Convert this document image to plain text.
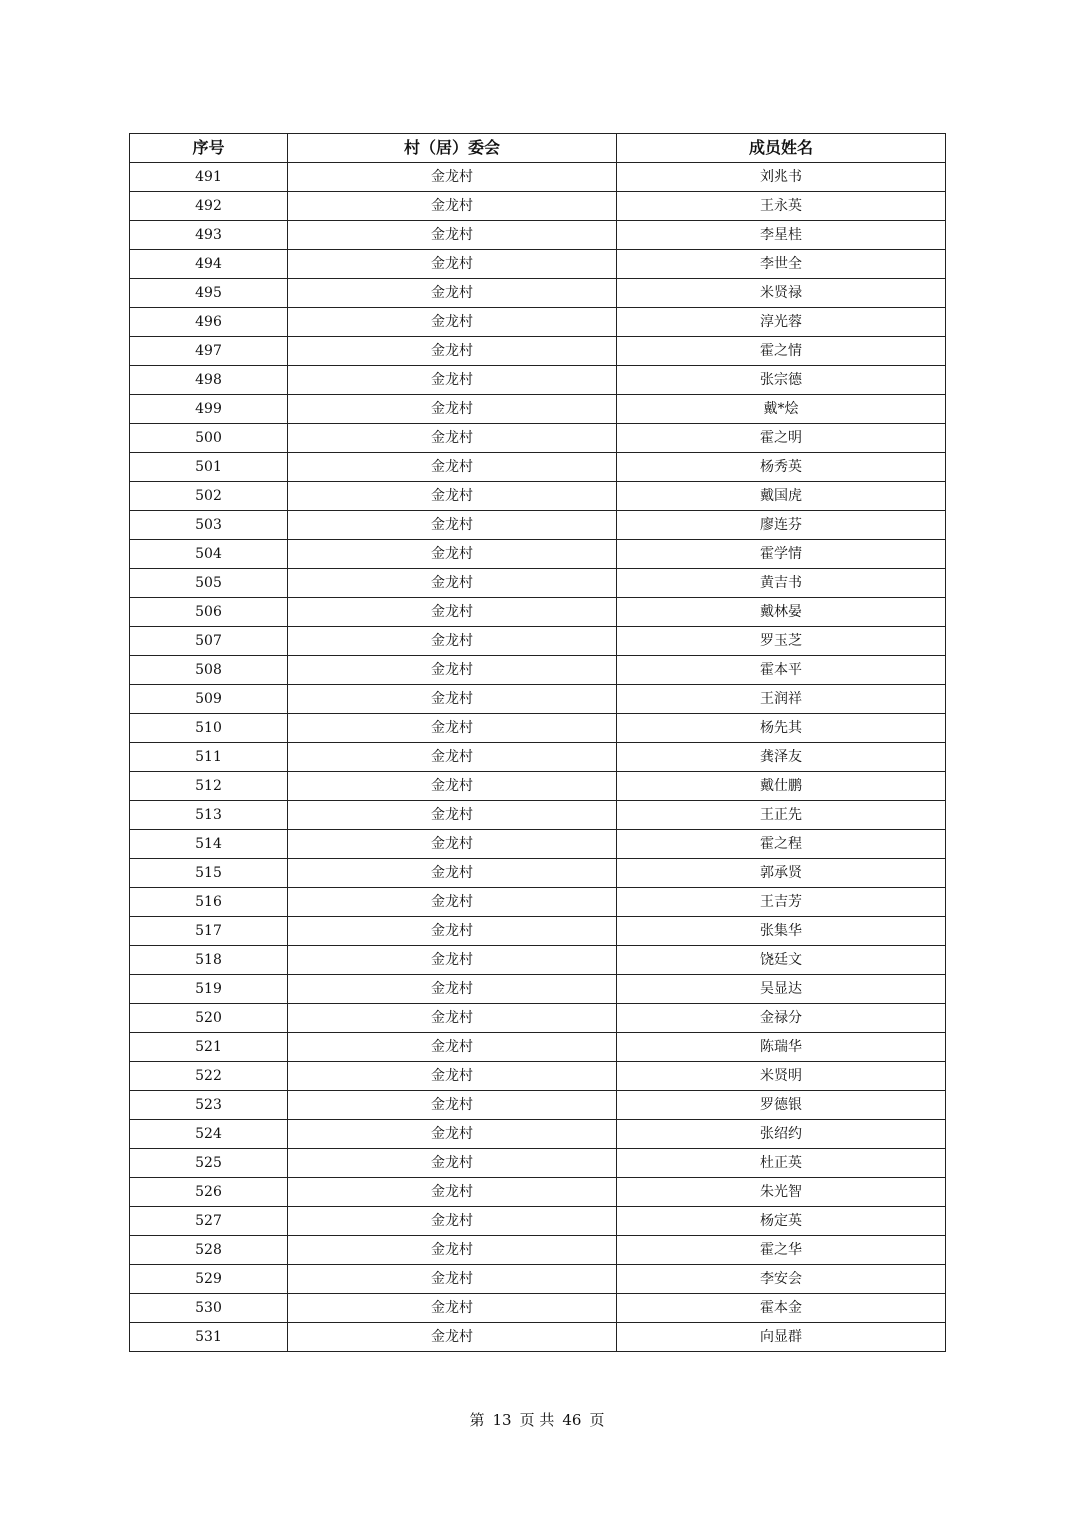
序号	村（居）委会	成员姓名
491	金龙村	刘兆书
492	金龙村	王永英
493	金龙村	李星桂
494	金龙村	李世全
495	金龙村	米贤禄
496	金龙村	淳光蓉
497	金龙村	霍之情
498	金龙村	张宗德
499	金龙村	戴*烩
500	金龙村	霍之明
501	金龙村	杨秀英
502	金龙村	戴国虎
503	金龙村	廖连芬
504	金龙村	霍学情
505	金龙村	黄吉书
506	金龙村	戴林晏
507	金龙村	罗玉芝
508	金龙村	霍本平
509	金龙村	王润祥
510	金龙村	杨先其
511	金龙村	龚泽友
512	金龙村	戴仕鹏
513	金龙村	王正先
514	金龙村	霍之程
515	金龙村	郭承贤
516	金龙村	王吉芳
517	金龙村	张集华
518	金龙村	饶廷文
519	金龙村	吴显达
520	金龙村	金禄分
521	金龙村	陈瑞华
522	金龙村	米贤明
523	金龙村	罗德银
524	金龙村	张绍约
525	金龙村	杜正英
526	金龙村	朱光智
527	金龙村	杨定英
528	金龙村	霍之华
529	金龙村	李安会
530	金龙村	霍本金
531	金龙村	向显群
第 13 页 共 46 页
